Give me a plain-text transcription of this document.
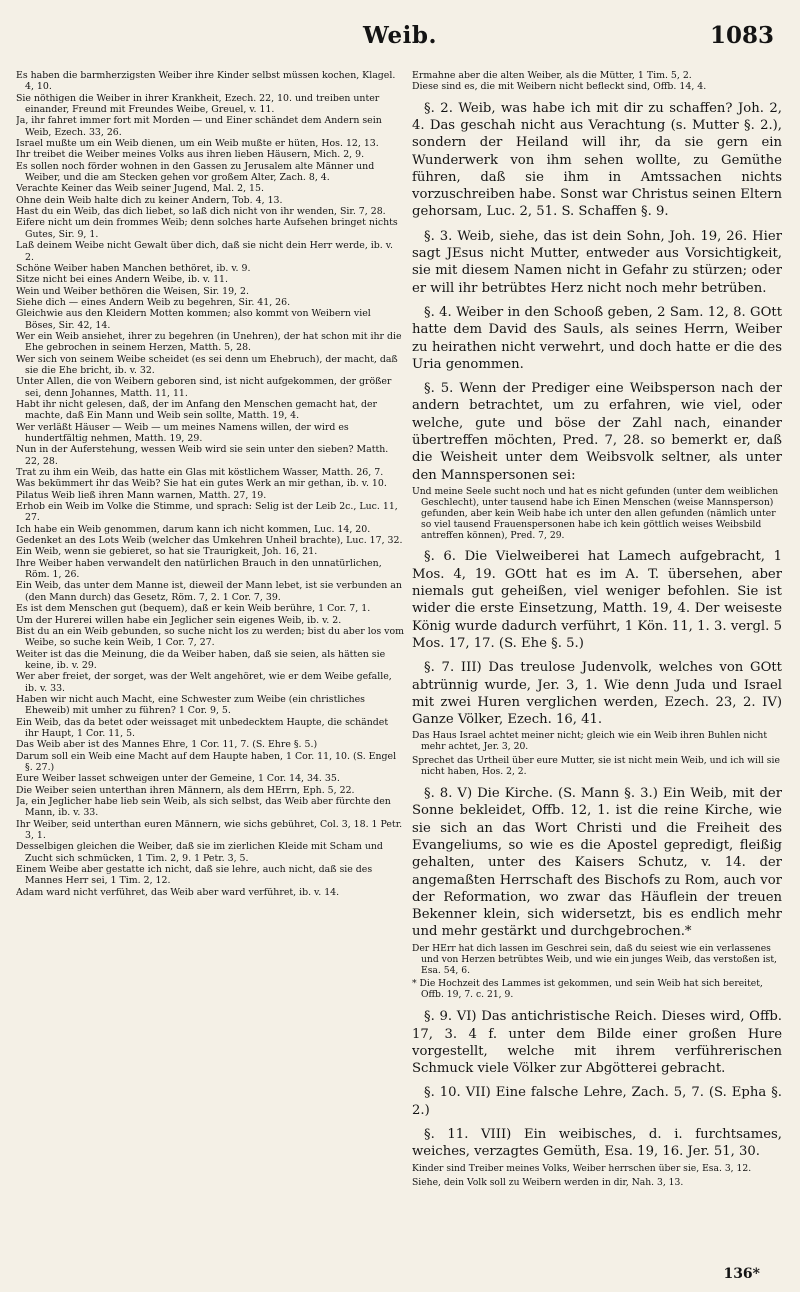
Weib.	1083

Es haben die barmherzigsten Weiber ihre Kinder selbst müssen kochen, Klagel. 4, 10.

Sie nöthigen die Weiber in ihrer Krankheit, Ezech. 22, 10. und treiben unter einander, Freund mit Freundes Weibe, Greuel, v. 11.

Ja, ihr fahret immer fort mit Morden — und Einer schändet dem Andern sein Weib, Ezech. 33, 26.

Israel mußte um ein Weib dienen, um ein Weib mußte er hüten, Hos. 12, 13.

Ihr treibet die Weiber meines Volks aus ihren lieben Häusern, Mich. 2, 9.

Es sollen noch förder wohnen in den Gassen zu Jerusalem alte Männer und Weiber, und die am Stecken gehen vor großem Alter, Zach. 8, 4.

Verachte Keiner das Weib seiner Jugend, Mal. 2, 15.

Ohne dein Weib halte dich zu keiner Andern, Tob. 4, 13.

Hast du ein Weib, das dich liebet, so laß dich nicht von ihr wenden, Sir. 7, 28.

Eifere nicht um dein frommes Weib; denn solches harte Aufsehen bringet nichts Gutes, Sir. 9, 1.

Laß deinem Weibe nicht Gewalt über dich, daß sie nicht dein Herr werde, ib. v. 2.

Schöne Weiber haben Manchen bethöret, ib. v. 9.

Sitze nicht bei eines Andern Weibe, ib. v. 11.

Wein und Weiber bethören die Weisen, Sir. 19, 2.

Siehe dich — eines Andern Weib zu begehren, Sir. 41, 26.

Gleichwie aus den Kleidern Motten kommen; also kommt von Weibern viel Böses, Sir. 42, 14.

Wer ein Weib ansiehet, ihrer zu begehren (in Unehren), der hat schon mit ihr die Ehe gebrochen in seinem Herzen, Matth. 5, 28.

Wer sich von seinem Weibe scheidet (es sei denn um Ehebruch), der macht, daß sie die Ehe bricht, ib. v. 32.

Unter Allen, die von Weibern geboren sind, ist nicht aufgekommen, der größer sei, denn Johannes, Matth. 11, 11.

Habt ihr nicht gelesen, daß, der im Anfang den Menschen gemacht hat, der machte, daß Ein Mann und Weib sein sollte, Matth. 19, 4.

Wer verläßt Häuser — Weib — um meines Namens willen, der wird es hundertfältig nehmen, Matth. 19, 29.

Nun in der Auferstehung, wessen Weib wird sie sein unter den sieben? Matth. 22, 28.

Trat zu ihm ein Weib, das hatte ein Glas mit köstlichem Wasser, Matth. 26, 7.

Was bekümmert ihr das Weib? Sie hat ein gutes Werk an mir gethan, ib. v. 10.

Pilatus Weib ließ ihren Mann warnen, Matth. 27, 19.

Erhob ein Weib im Volke die Stimme, und sprach: Selig ist der Leib 2c., Luc. 11, 27.

Ich habe ein Weib genommen, darum kann ich nicht kommen, Luc. 14, 20.

Gedenket an des Lots Weib (welcher das Umkehren Unheil brachte), Luc. 17, 32.

Ein Weib, wenn sie gebieret, so hat sie Traurigkeit, Joh. 16, 21.

Ihre Weiber haben verwandelt den natürlichen Brauch in den unnatürlichen, Röm. 1, 26.

Ein Weib, das unter dem Manne ist, dieweil der Mann lebet, ist sie verbunden an (den Mann durch) das Gesetz, Röm. 7, 2. 1 Cor. 7, 39.

Es ist dem Menschen gut (bequem), daß er kein Weib berühre, 1 Cor. 7, 1.

Um der Hurerei willen habe ein Jeglicher sein eigenes Weib, ib. v. 2.

Bist du an ein Weib gebunden, so suche nicht los zu werden; bist du aber los vom Weibe, so suche kein Weib, 1 Cor. 7, 27.

Weiter ist das die Meinung, die da Weiber haben, daß sie seien, als hätten sie keine, ib. v. 29.

Wer aber freiet, der sorget, was der Welt angehöret, wie er dem Weibe gefalle, ib. v. 33.

Haben wir nicht auch Macht, eine Schwester zum Weibe (ein christliches Eheweib) mit umher zu führen? 1 Cor. 9, 5.

Ein Weib, das da betet oder weissaget mit unbedecktem Haupte, die schändet ihr Haupt, 1 Cor. 11, 5.

Das Weib aber ist des Mannes Ehre, 1 Cor. 11, 7. (S. Ehre §. 5.)

Darum soll ein Weib eine Macht auf dem Haupte haben, 1 Cor. 11, 10. (S. Engel §. 27.)

Eure Weiber lasset schweigen unter der Gemeine, 1 Cor. 14, 34. 35.

Die Weiber seien unterthan ihren Männern, als dem HErrn, Eph. 5, 22.

Ja, ein Jeglicher habe lieb sein Weib, als sich selbst, das Weib aber fürchte den Mann, ib. v. 33.

Ihr Weiber, seid unterthan euren Männern, wie sichs gebühret, Col. 3, 18. 1 Petr. 3, 1.

Desselbigen gleichen die Weiber, daß sie im zierlichen Kleide mit Scham und Zucht sich schmücken, 1 Tim. 2, 9. 1 Petr. 3, 5.

Einem Weibe aber gestatte ich nicht, daß sie lehre, auch nicht, daß sie des Mannes Herr sei, 1 Tim. 2, 12.

Adam ward nicht verführet, das Weib aber ward verführet, ib. v. 14.

Ermahne aber die alten Weiber, als die Mütter, 1 Tim. 5, 2.

Diese sind es, die mit Weibern nicht befleckt sind, Offb. 14, 4.

§. 2. Weib, was habe ich mit dir zu schaffen? Joh. 2, 4. Das geschah nicht aus Verachtung (s. Mutter §. 2.), sondern der Heiland will ihr, da sie gern ein Wunderwerk von ihm sehen wollte, zu Gemüthe führen, daß sie ihm in Amtssachen nichts vorzuschreiben habe. Sonst war Christus seinen Eltern gehorsam, Luc. 2, 51. S. Schaffen §. 9.

§. 3. Weib, siehe, das ist dein Sohn, Joh. 19, 26. Hier sagt JEsus nicht Mutter, entweder aus Vorsichtigkeit, sie mit diesem Namen nicht in Gefahr zu stürzen; oder er will ihr betrübtes Herz nicht noch mehr betrüben.

§. 4. Weiber in den Schooß geben, 2 Sam. 12, 8. GOtt hatte dem David des Sauls, als seines Herrn, Weiber zu heirathen nicht verwehrt, und doch hatte er die des Uria genommen.

§. 5. Wenn der Prediger eine Weibsperson nach der andern betrachtet, um zu erfahren, wie viel, oder welche, gute und böse der Zahl nach, einander übertreffen möchten, Pred. 7, 28. so bemerkt er, daß die Weisheit unter dem Weibsvolk seltner, als unter den Mannspersonen sei:

Und meine Seele sucht noch und hat es nicht gefunden (unter dem weiblichen Geschlecht), unter tausend habe ich Einen Menschen (weise Mannsperson) gefunden, aber kein Weib habe ich unter den allen gefunden (nämlich unter so viel tausend Frauenspersonen habe ich kein göttlich weises Weibsbild antreffen können), Pred. 7, 29.

§. 6. Die Vielweiberei hat Lamech aufgebracht, 1 Mos. 4, 19. GOtt hat es im A. T. übersehen, aber niemals gut geheißen, viel weniger befohlen. Sie ist wider die erste Einsetzung, Matth. 19, 4. Der weiseste König wurde dadurch verführt, 1 Kön. 11, 1. 3. vergl. 5 Mos. 17, 17. (S. Ehe §. 5.)

§. 7. III) Das treulose Judenvolk, welches von GOtt abtrünnig wurde, Jer. 3, 1. Wie denn Juda und Israel mit zwei Huren verglichen werden, Ezech. 23, 2. IV) Ganze Völker, Ezech. 16, 41.

Das Haus Israel achtet meiner nicht; gleich wie ein Weib ihren Buhlen nicht mehr achtet, Jer. 3, 20.

Sprechet das Urtheil über eure Mutter, sie ist nicht mein Weib, und ich will sie nicht haben, Hos. 2, 2.

§. 8. V) Die Kirche. (S. Mann §. 3.) Ein Weib, mit der Sonne bekleidet, Offb. 12, 1. ist die reine Kirche, wie sie sich an das Wort Christi und die Freiheit des Evangeliums, so wie es die Apostel gepredigt, fleißig gehalten, unter des Kaisers Schutz, v. 14. der angemaßten Herrschaft des Bischofs zu Rom, auch vor der Reformation, wo zwar das Häuflein der treuen Bekenner klein, sich widersetzt, bis es endlich mehr und mehr gestärkt und durchgebrochen.*

Der HErr hat dich lassen im Geschrei sein, daß du seiest wie ein verlassenes und von Herzen betrübtes Weib, und wie ein junges Weib, das verstoßen ist, Esa. 54, 6.

* Die Hochzeit des Lammes ist gekommen, und sein Weib hat sich bereitet, Offb. 19, 7. c. 21, 9.

§. 9. VI) Das antichristische Reich. Dieses wird, Offb. 17, 3. 4 f. unter dem Bilde einer großen Hure vorgestellt, welche mit ihrem verführerischen Schmuck viele Völker zur Abgötterei gebracht.

§. 10. VII) Eine falsche Lehre, Zach. 5, 7. (S. Epha §. 2.)

§. 11. VIII) Ein weibisches, d. i. furchtsames, weiches, verzagtes Gemüth, Esa. 19, 16. Jer. 51, 30.

Kinder sind Treiber meines Volks, Weiber herrschen über sie, Esa. 3, 12.

Siehe, dein Volk soll zu Weibern werden in dir, Nah. 3, 13.

136*
